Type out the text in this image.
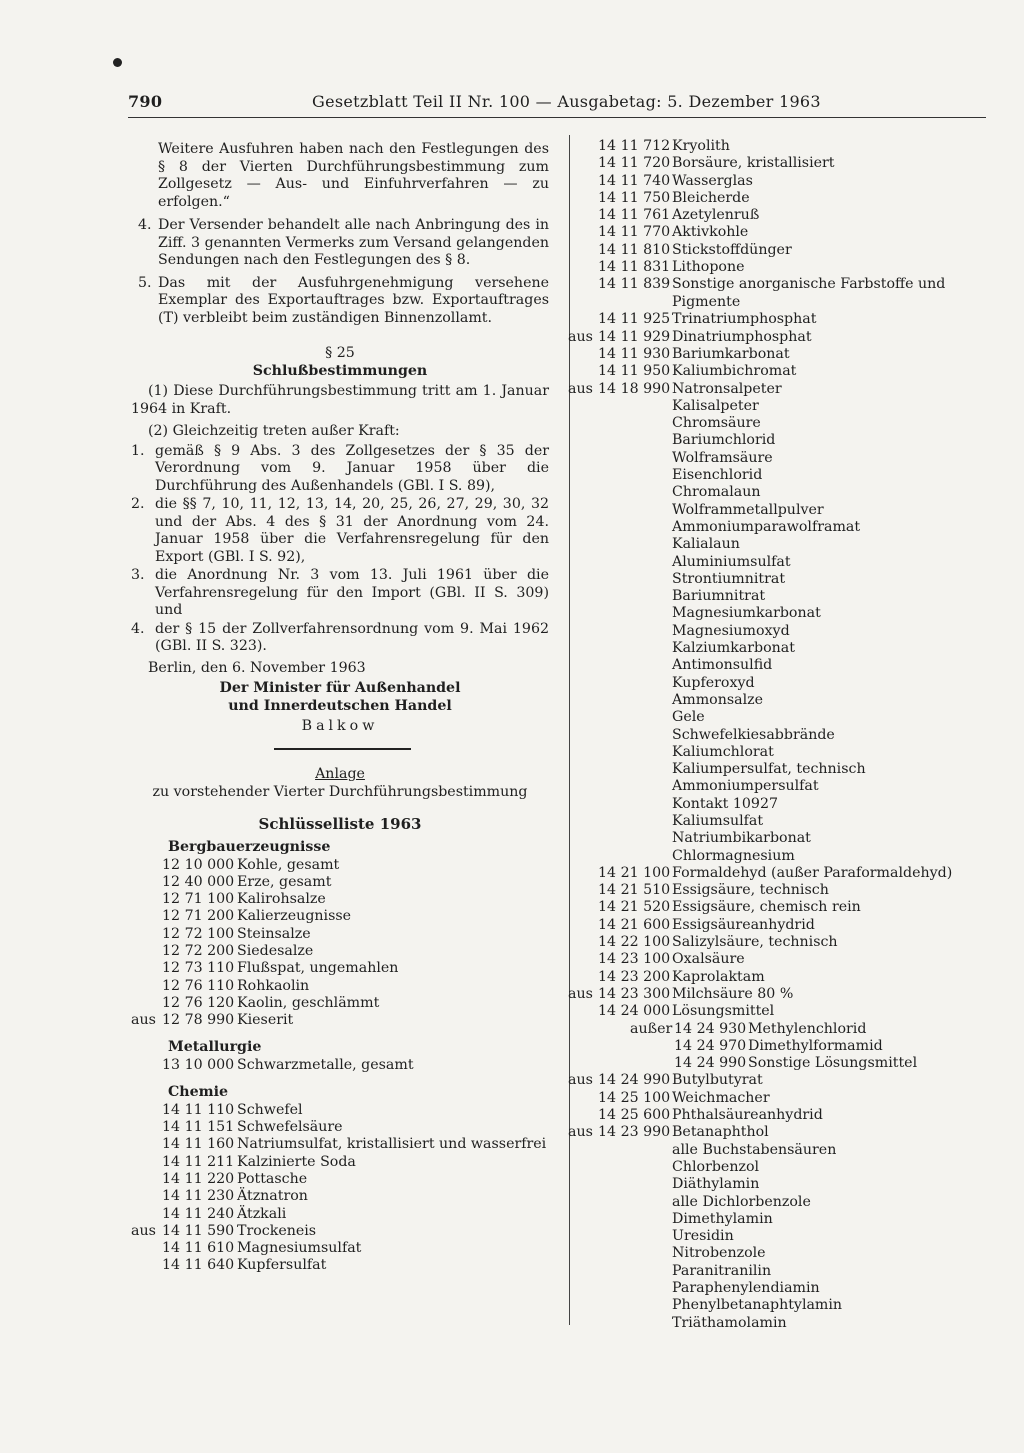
790	Gesetzblatt Teil II Nr. 100 — Ausgabetag: 5. Dezember 1963
Weitere Ausfuhren haben nach den Festlegungen des § 8 der Vierten Durchführungsbestimmung zum Zollgesetz — Aus- und Einfuhrverfahren — zu erfolgen.“
4. Der Versender behandelt alle nach Anbringung des in Ziff. 3 genannten Vermerks zum Versand gelangenden Sendungen nach den Festlegungen des § 8.
5. Das mit der Ausfuhrgenehmigung versehene Exemplar des Exportauftrages bzw. Exportauftrages (T) verbleibt beim zuständigen Binnenzollamt.
§ 25
Schlußbestimmungen
(1) Diese Durchführungsbestimmung tritt am 1. Januar 1964 in Kraft.
(2) Gleichzeitig treten außer Kraft:
1. gemäß § 9 Abs. 3 des Zollgesetzes der § 35 der Verordnung vom 9. Januar 1958 über die Durchführung des Außenhandels (GBl. I S. 89),
2. die §§ 7, 10, 11, 12, 13, 14, 20, 25, 26, 27, 29, 30, 32 und der Abs. 4 des § 31 der Anordnung vom 24. Januar 1958 über die Verfahrensregelung für den Export (GBl. I S. 92),
3. die Anordnung Nr. 3 vom 13. Juli 1961 über die Verfahrensregelung für den Import (GBl. II S. 309) und
4. der § 15 der Zollverfahrensordnung vom 9. Mai 1962 (GBl. II S. 323).
Berlin, den 6. November 1963
Der Minister für Außenhandel
und Innerdeutschen Handel
Balkow
Anlage
zu vorstehender Vierter Durchführungsbestimmung
Schlüsselliste 1963
Bergbauerzeugnisse
12 10 000 Kohle, gesamt
12 40 000 Erze, gesamt
12 71 100 Kalirohsalze
12 71 200 Kalierzeugnisse
12 72 100 Steinsalze
12 72 200 Siedesalze
12 73 110 Flußspat, ungemahlen
12 76 110 Rohkaolin
12 76 120 Kaolin, geschlämmt
aus 12 78 990 Kieserit
Metallurgie
13 10 000 Schwarzmetalle, gesamt
Chemie
14 11 110 Schwefel
14 11 151 Schwefelsäure
14 11 160 Natriumsulfat, kristallisiert und wasserfrei
14 11 211 Kalzinierte Soda
14 11 220 Pottasche
14 11 230 Ätznatron
14 11 240 Ätzkali
aus 14 11 590 Trockeneis
14 11 610 Magnesiumsulfat
14 11 640 Kupfersulfat
14 11 712 Kryolith
14 11 720 Borsäure, kristallisiert
14 11 740 Wasserglas
14 11 750 Bleicherde
14 11 761 Azetylenruß
14 11 770 Aktivkohle
14 11 810 Stickstoffdünger
14 11 831 Lithopone
14 11 839 Sonstige anorganische Farbstoffe und Pigmente
14 11 925 Trinatriumphosphat
aus 14 11 929 Dinatriumphosphat
14 11 930 Bariumkarbonat
14 11 950 Kaliumbichromat
aus 14 18 990 Natronsalpeter
Kalisalpeter
Chromsäure
Bariumchlorid
Wolframsäure
Eisenchlorid
Chromalaun
Wolframmetallpulver
Ammoniumparawolframat
Kalialaun
Aluminiumsulfat
Strontiumnitrat
Bariumnitrat
Magnesiumkarbonat
Magnesiumoxyd
Kalziumkarbonat
Antimonsulfid
Kupferoxyd
Ammonsalze
Gele
Schwefelkiesabbrände
Kaliumchlorat
Kaliumpersulfat, technisch
Ammoniumpersulfat
Kontakt 10927
Kaliumsulfat
Natriumbikarbonat
Chlormagnesium
14 21 100 Formaldehyd (außer Paraformaldehyd)
14 21 510 Essigsäure, technisch
14 21 520 Essigsäure, chemisch rein
14 21 600 Essigsäureanhydrid
14 22 100 Salizylsäure, technisch
14 23 100 Oxalsäure
14 23 200 Kaprolaktam
aus 14 23 300 Milchsäure 80 %
14 24 000 Lösungsmittel
außer 14 24 930 Methylenchlorid
14 24 970 Dimethylformamid
14 24 990 Sonstige Lösungsmittel
aus 14 24 990 Butylbutyrat
14 25 100 Weichmacher
14 25 600 Phthalsäureanhydrid
aus 14 23 990 Betanaphthol
alle Buchstabensäuren
Chlorbenzol
Diäthylamin
alle Dichlorbenzole
Dimethylamin
Uresidin
Nitrobenzole
Paranitranilin
Paraphenylendiamin
Phenylbetanaphtylamin
Triäthamolamin
